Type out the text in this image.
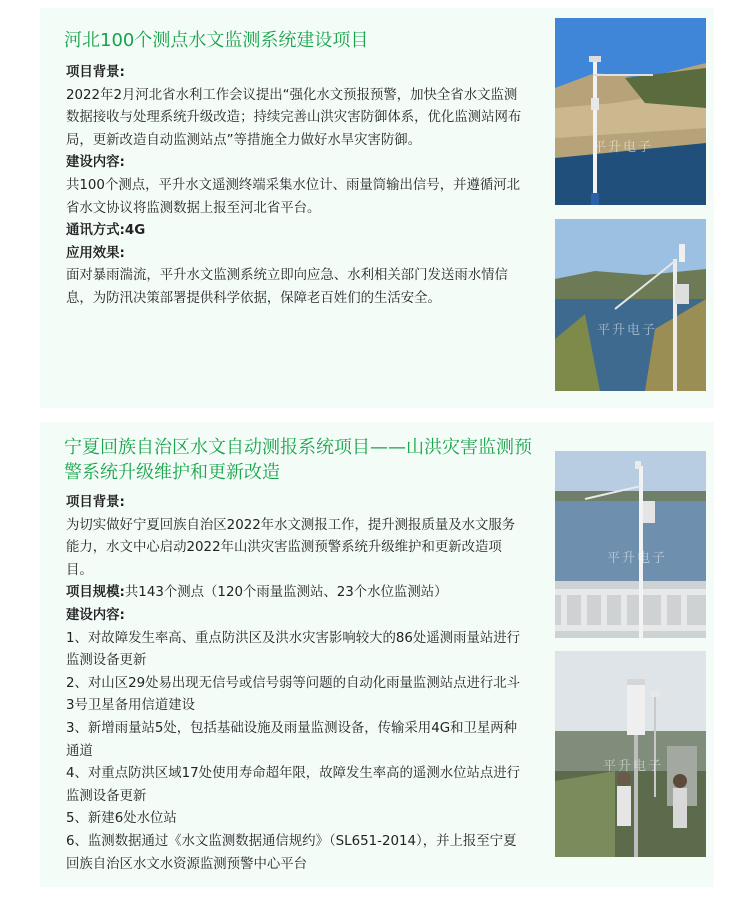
河北100个测点水文监测系统建设项目

项目背景:

2022年2月河北省水利工作会议提出“强化水文预报预警，加快全省水文监测数据接收与处理系统升级改造；持续完善山洪灾害防御体系，优化监测站网布局，更新改造自动监测站点”等措施全力做好水旱灾害防御。

建设内容:

共100个测点，平升水文遥测终端采集水位计、雨量筒输出信号，并遵循河北省水文协议将监测数据上报至河北省平台。

通讯方式:4G

应用效果:

面对暴雨湍流，平升水文监测系统立即向应急、水利相关部门发送雨水情信息，为防汛决策部署提供科学依据，保障老百姓们的生活安全。

平升电子
平升电子
宁夏回族自治区水文自动测报系统项目——山洪灾害监测预警系统升级维护和更新改造

项目背景:

为切实做好宁夏回族自治区2022年水文测报工作，提升测报质量及水文服务能力，水文中心启动2022年山洪灾害监测预警系统升级维护和更新改造项目。

项目规模:共143个测点（120个雨量监测站、23个水位监测站）

建设内容:

1、对故障发生率高、重点防洪区及洪水灾害影响较大的86处遥测雨量站进行监测设备更新

2、对山区29处易出现无信号或信号弱等问题的自动化雨量监测站点进行北斗3号卫星备用信道建设

3、新增雨量站5处，包括基础设施及雨量监测设备，传输采用4G和卫星两种通道

4、对重点防洪区域17处使用寿命超年限，故障发生率高的遥测水位站点进行监测设备更新

5、新建6处水位站

6、监测数据通过《水文监测数据通信规约》（SL651-2014），并上报至宁夏回族自治区水文水资源监测预警中心平台

平升电子
平升电子
